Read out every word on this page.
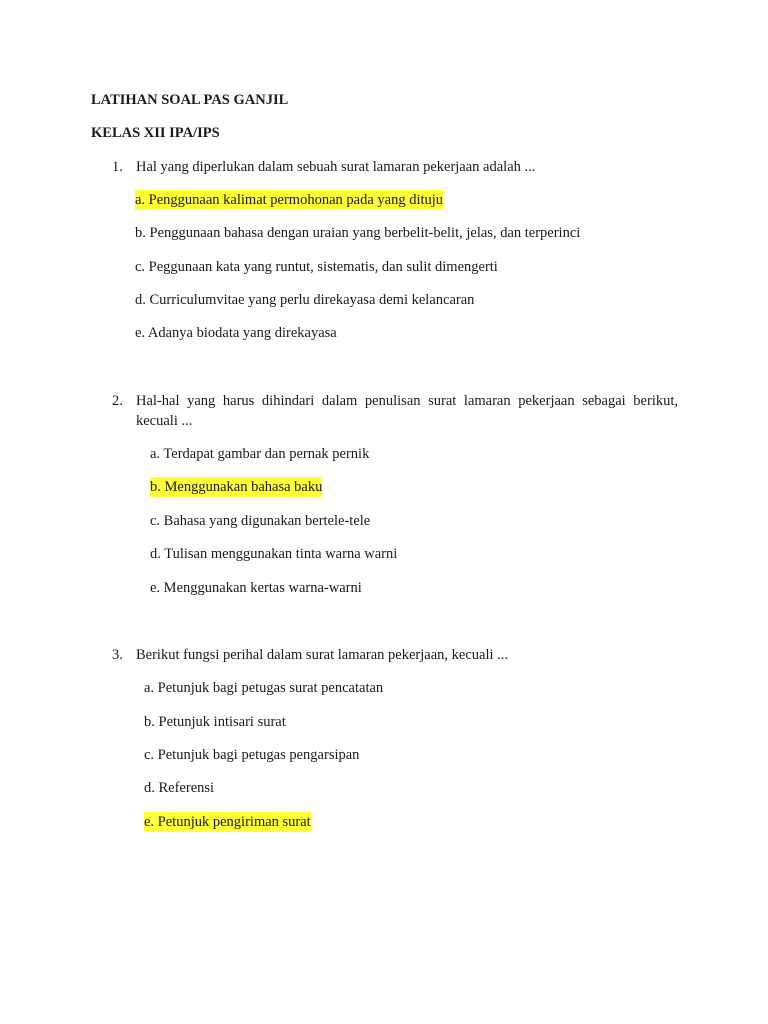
LATIHAN SOAL PAS GANJIL
KELAS XII IPA/IPS
1. Hal yang diperlukan dalam sebuah surat lamaran pekerjaan adalah ...
a. Penggunaan kalimat permohonan pada yang dituju
b. Penggunaan bahasa dengan uraian yang berbelit-belit, jelas, dan terperinci
c. Peggunaan kata yang runtut, sistematis, dan sulit dimengerti
d. Curriculumvitae yang perlu direkayasa demi kelancaran
e. Adanya biodata yang direkayasa
2. Hal-hal yang harus dihindari dalam penulisan surat lamaran pekerjaan sebagai berikut, kecuali ...
a. Terdapat gambar dan pernak pernik
b. Menggunakan bahasa baku
c. Bahasa yang digunakan bertele-tele
d. Tulisan menggunakan tinta warna warni
e. Menggunakan kertas warna-warni
3. Berikut fungsi perihal dalam surat lamaran pekerjaan, kecuali ...
a. Petunjuk bagi petugas surat pencatatan
b. Petunjuk intisari surat
c. Petunjuk bagi petugas pengarsipan
d. Referensi
e. Petunjuk pengiriman surat
